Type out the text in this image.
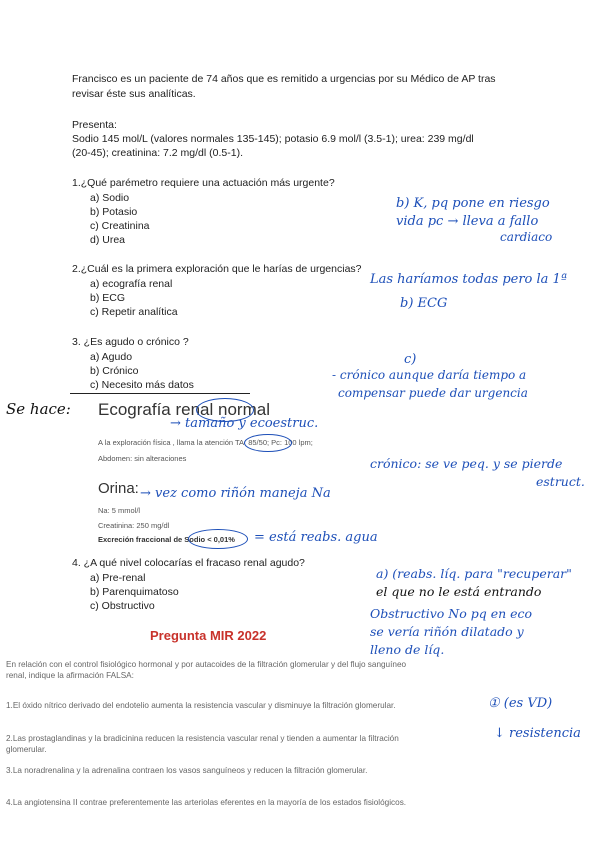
Francisco es un paciente de 74 años que es remitido a urgencias por su Médico de AP tras
revisar éste sus analíticas.
Presenta:
Sodio 145 mol/L (valores normales 135-145); potasio 6.9 mol/l (3.5-1); urea: 239 mg/dl
(20-45); creatinina: 7.2 mg/dl (0.5-1).
1.¿Qué parémetro requiere una actuación más urgente?
a) Sodio
b) Potasio
c) Creatinina
d) Urea
2.¿Cuál es la primera exploración que le harías de urgencias?
a) ecografía renal
b) ECG
c) Repetir analítica
3. ¿Es agudo o crónico ?
a) Agudo
b) Crónico
c) Necesito más datos
Ecografía renal normal
A la exploración física , llama la atención TA: 85/50; Pc: 100 lpm;
Abdomen: sin alteraciones
Orina:
Na: 5 mmol/l
Creatinina: 250 mg/dl
Excreción fraccional de Sodio < 0,01%
4. ¿A qué nivel colocarías el fracaso renal agudo?
a) Pre-renal
b) Parenquimatoso
c) Obstructivo
Pregunta MIR 2022
En relación con el control fisiológico hormonal y por autacoides de la filtración glomerular y del flujo sanguíneo renal, indique la afirmación FALSA:
1.El óxido nítrico derivado del endotelio aumenta la resistencia vascular y disminuye la filtración glomerular.
2.Las prostaglandinas y la bradicinina reducen la resistencia vascular renal y tienden a aumentar la filtración glomerular.
3.La noradrenalina y la adrenalina contraen los vasos sanguíneos y reducen la filtración glomerular.
4.La angiotensina II contrae preferentemente las arteriolas eferentes en la mayoría de los estados fisiológicos.
b) K, pq pone en riesgo
vida pc → lleva a fallo
cardiaco
Las haríamos todas pero la 1ª
b) ECG
c)
- crónico aunque daría tiempo a
compensar puede dar urgencia
Se hace:
→ tamaño y ecoestruc.
crónico: se ve peq. y se pierde
estruct.
→ vez como riñón maneja Na
= está reabs. agua
a) (reabs. líq. para "recuperar"
el que no le está entrando
Obstructivo No pq en eco
se vería riñón dilatado y
lleno de líq.
① (es VD)
↓ resistencia
